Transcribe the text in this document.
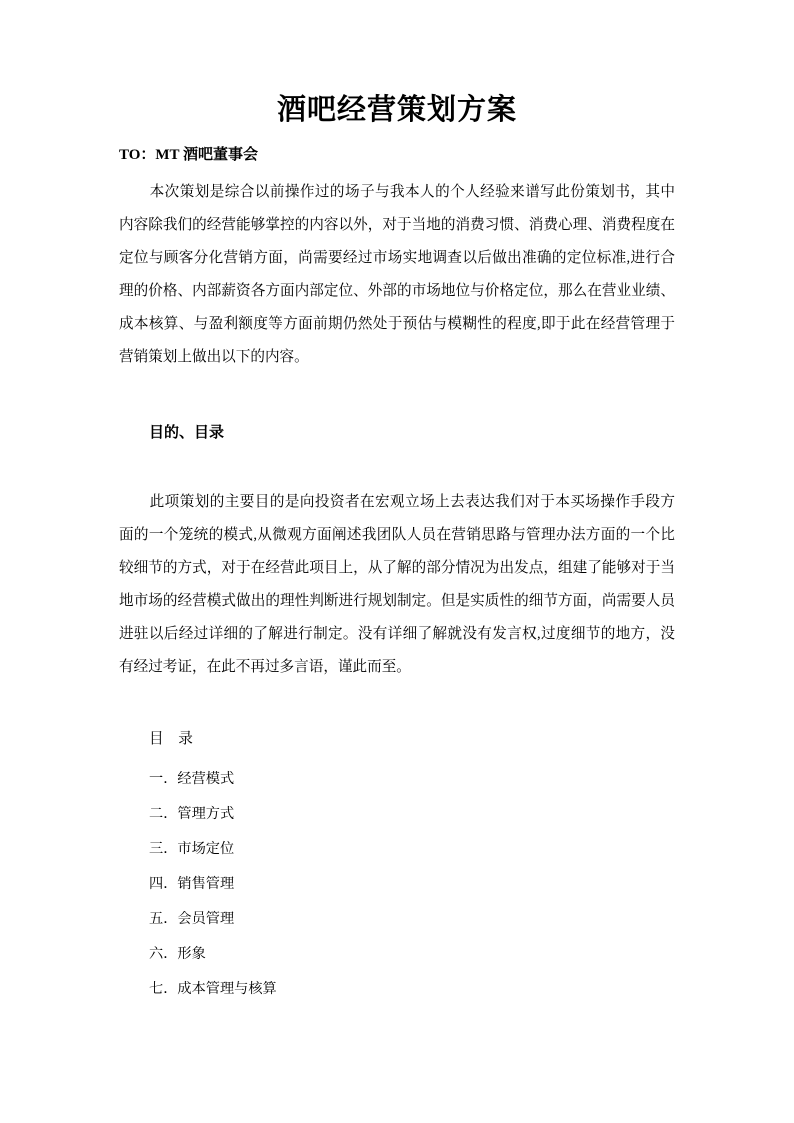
酒吧经营策划方案

TO：MT 酒吧董事会

本次策划是综合以前操作过的场子与我本人的个人经验来谱写此份策划书，其中内容除我们的经营能够掌控的内容以外，对于当地的消费习惯、消费心理、消费程度在定位与顾客分化营销方面，尚需要经过市场实地调查以后做出准确的定位标准,进行合理的价格、内部薪资各方面内部定位、外部的市场地位与价格定位，那么在营业业绩、成本核算、与盈利额度等方面前期仍然处于预估与模糊性的程度,即于此在经营管理于营销策划上做出以下的内容。

目的、目录

此项策划的主要目的是向投资者在宏观立场上去表达我们对于本买场操作手段方面的一个笼统的模式,从微观方面阐述我团队人员在营销思路与管理办法方面的一个比较细节的方式，对于在经营此项目上，从了解的部分情况为出发点，组建了能够对于当地市场的经营模式做出的理性判断进行规划制定。但是实质性的细节方面，尚需要人员进驻以后经过详细的了解进行制定。没有详细了解就没有发言权,过度细节的地方，没有经过考证，在此不再过多言语，谨此而至。

目　录

一．经营模式

二．管理方式

三．市场定位

四．销售管理

五．会员管理

六．形象

七．成本管理与核算
